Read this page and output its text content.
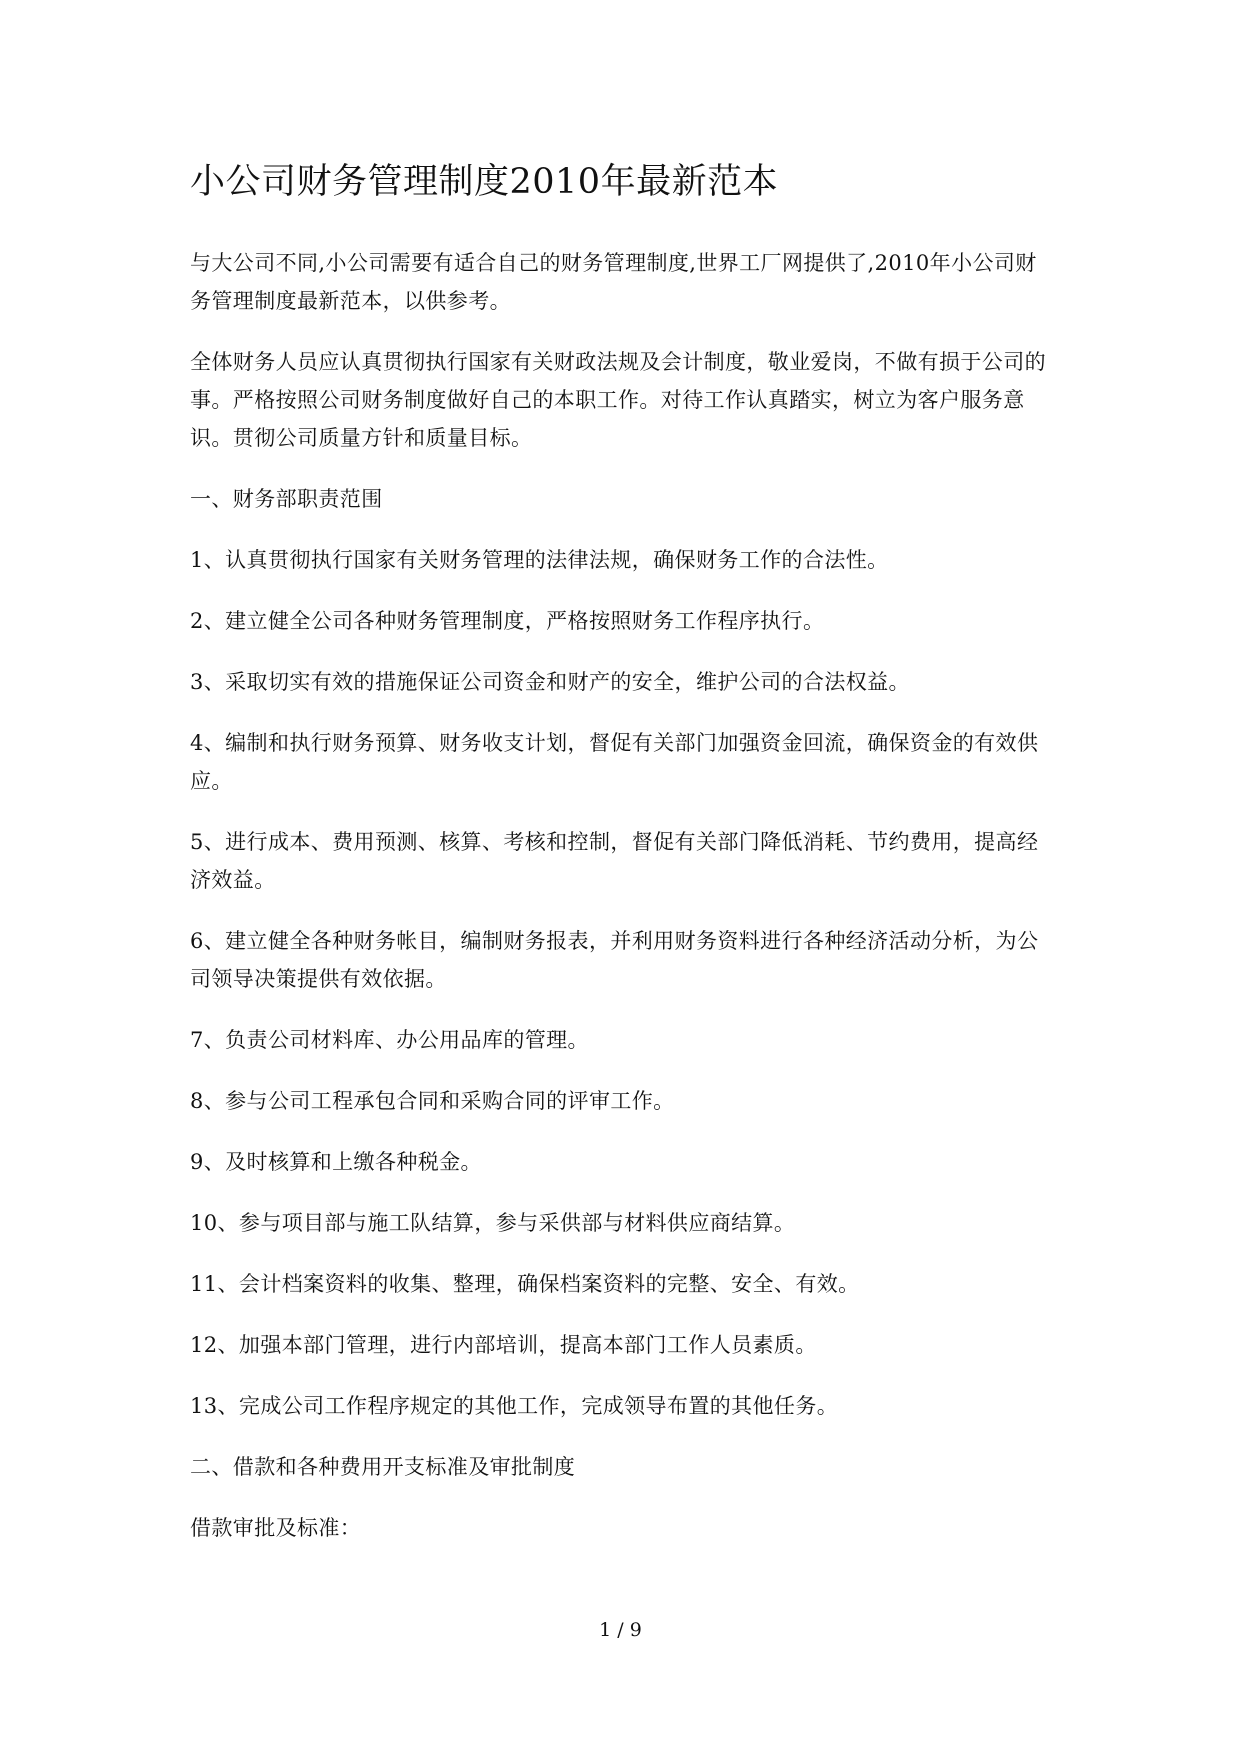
小公司财务管理制度2010年最新范本

与大公司不同,小公司需要有适合自己的财务管理制度,世界工厂网提供了,2010年小公司财务管理制度最新范本，以供参考。

全体财务人员应认真贯彻执行国家有关财政法规及会计制度，敬业爱岗，不做有损于公司的事。严格按照公司财务制度做好自己的本职工作。对待工作认真踏实，树立为客户服务意识。贯彻公司质量方针和质量目标。

一、财务部职责范围

1、认真贯彻执行国家有关财务管理的法律法规，确保财务工作的合法性。

2、建立健全公司各种财务管理制度，严格按照财务工作程序执行。

3、采取切实有效的措施保证公司资金和财产的安全，维护公司的合法权益。

4、编制和执行财务预算、财务收支计划，督促有关部门加强资金回流，确保资金的有效供应。

5、进行成本、费用预测、核算、考核和控制，督促有关部门降低消耗、节约费用，提高经济效益。

6、建立健全各种财务帐目，编制财务报表，并利用财务资料进行各种经济活动分析，为公司领导决策提供有效依据。

7、负责公司材料库、办公用品库的管理。

8、参与公司工程承包合同和采购合同的评审工作。

9、及时核算和上缴各种税金。

10、参与项目部与施工队结算，参与采供部与材料供应商结算。

11、会计档案资料的收集、整理，确保档案资料的完整、安全、有效。

12、加强本部门管理，进行内部培训，提高本部门工作人员素质。

13、完成公司工作程序规定的其他工作，完成领导布置的其他任务。

二、借款和各种费用开支标准及审批制度

借款审批及标准：

1 / 9
